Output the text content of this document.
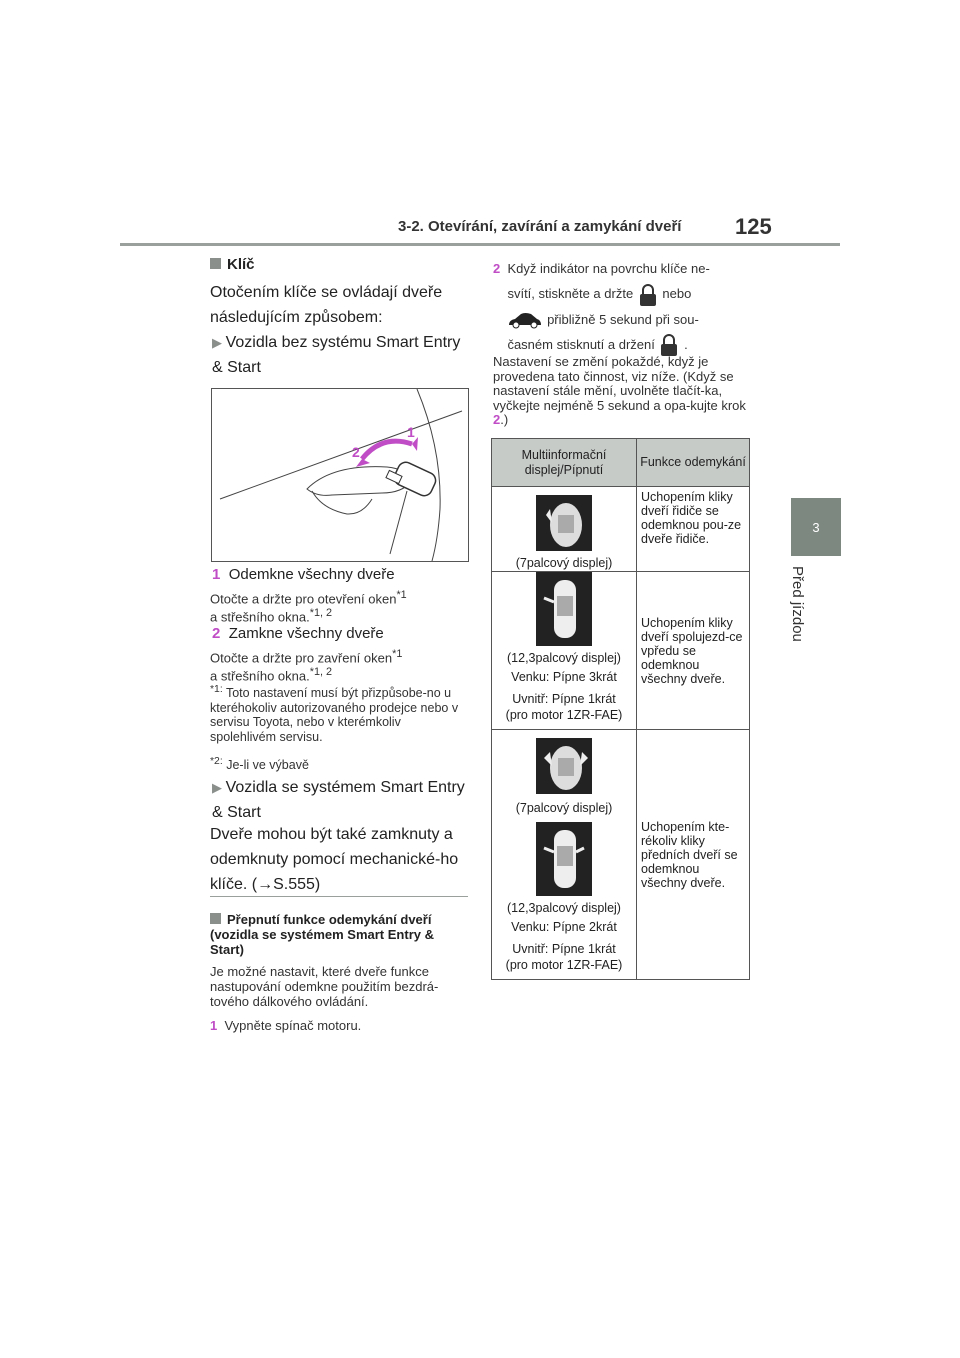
3-2. Otevírání, zavírání a zamykání dveří 125
3
Před jízdou
Klíč
Otočením klíče se ovládají dveře následujícím způsobem:
▶ Vozidla bez systému Smart Entry & Start
1
2
1 Odemkne všechny dveře
Otočte a držte pro otevření oken$^{*1}$
a střešního okna.$^{*1, 2}$
2 Zamkne všechny dveře
Otočte a držte pro zavření oken$^{*1}$
a střešního okna.$^{*1, 2}$
$^{*1:}$ Toto nastavení musí být přizpůsobe-no u kteréhokoliv autorizovaného prodejce nebo v servisu Toyota, nebo v kterémkoliv spolehlivém servisu.
$^{*2:}$ Je-li ve výbavě
▶ Vozidla se systémem Smart Entry & Start
Dveře mohou být také zamknuty a odemknuty pomocí mechanické-ho klíče. (→S.555)
Přepnutí funkce odemykání dveří (vozidla se systémem Smart Entry & Start)
Je možné nastavit, které dveře funkce nastupování odemkne použitím bezdrá-tového dálkového ovládání.
1 Vypněte spínač motoru.
2 Když indikátor na povrchu klíče ne-
svítí, stiskněte a držte nebo
přibližně 5 sekund při sou-
časném stisknutí a držení .
Nastavení se změní pokaždé, když je provedena tato činnost, viz níže. (Když se nastavení stále mění, uvolněte tlačít-ka, vyčkejte nejméně 5 sekund a opa-kujte krok 2.)
Multiinformační displej/Pípnutí	Funkce odemykání

(7palcový displej)	Uchopením kliky dveří řidiče se odemknou pou-ze dveře řidiče.

(12,3palcový displej)
Venku: Pípne 3krát
Uvnitř: Pípne 1krát
(pro motor 1ZR-FAE)	Uchopením kliky dveří spolujezd-ce vpředu se odemknou všechny dveře.

(7palcový displej)
(12,3palcový displej)
Venku: Pípne 2krát
Uvnitř: Pípne 1krát
(pro motor 1ZR-FAE)	Uchopením kte-rékoliv kliky předních dveří se odemknou všechny dveře.
